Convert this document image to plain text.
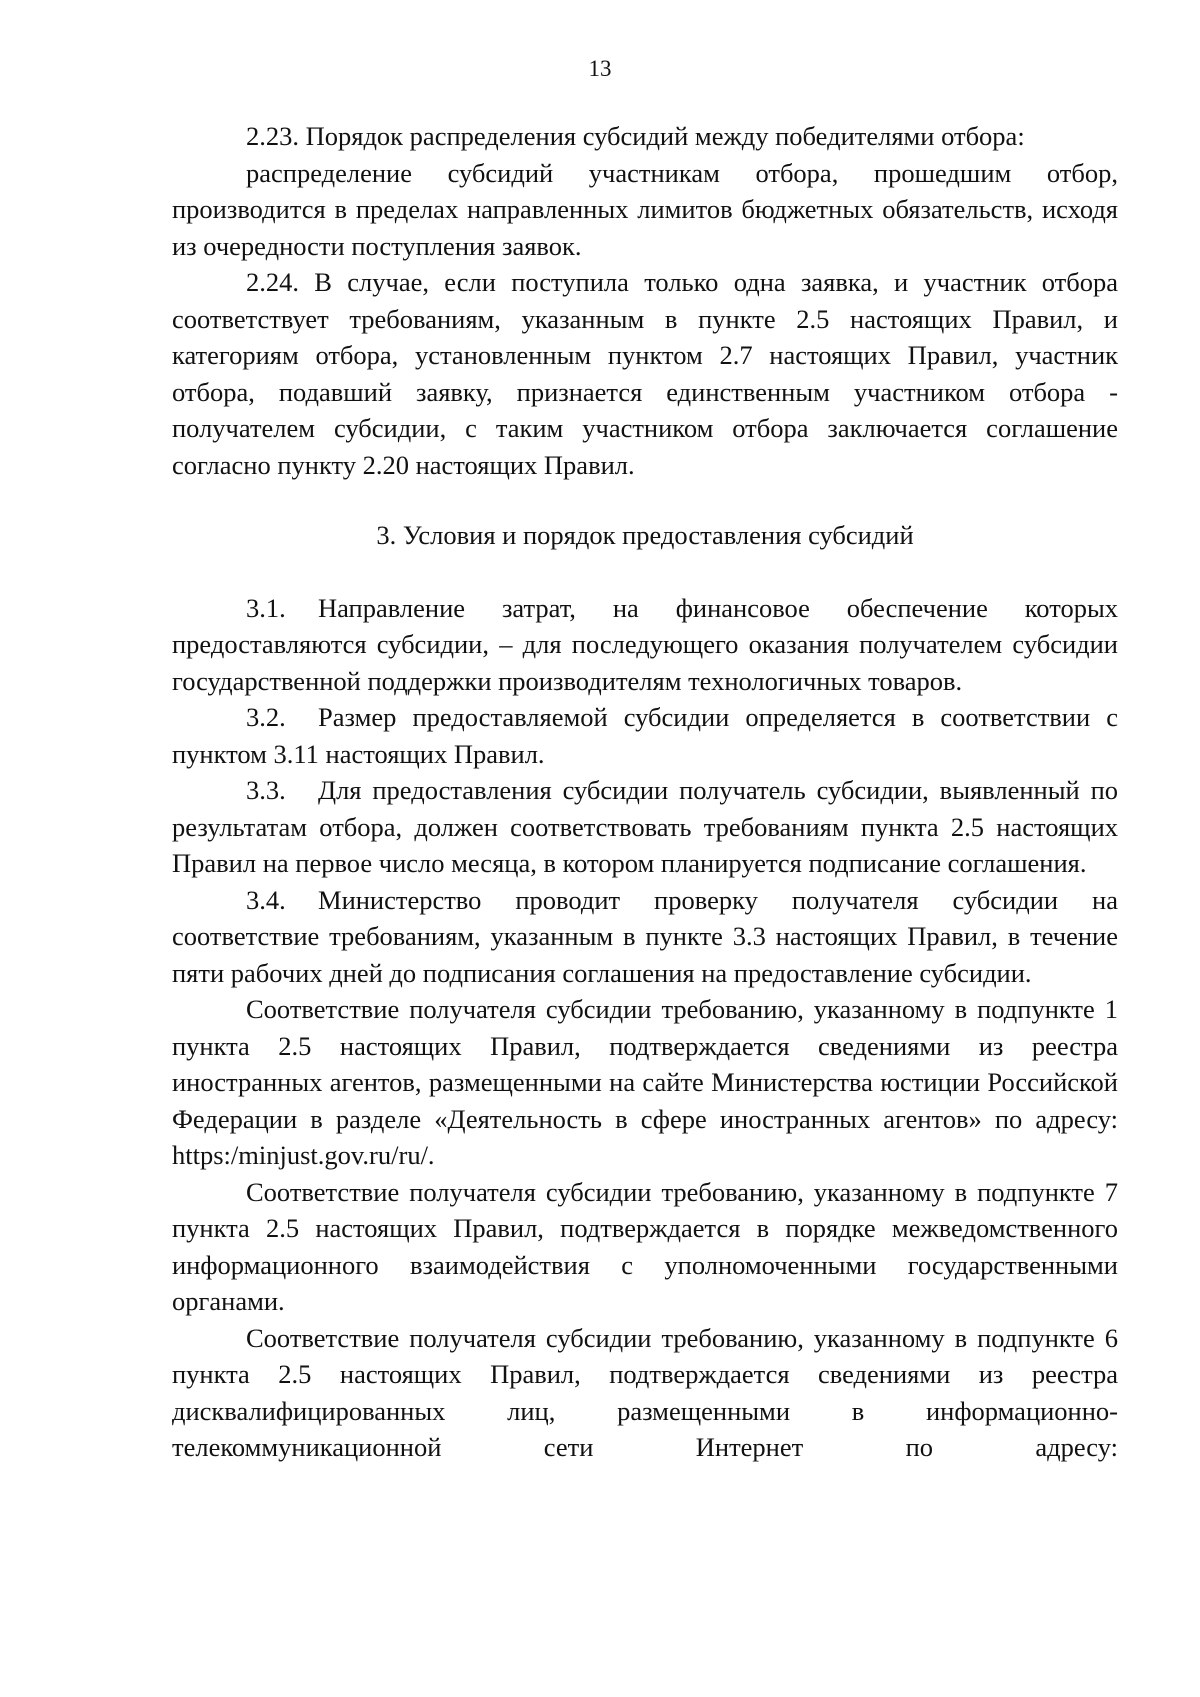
13

2.23. Порядок распределения субсидий между победителями отбора:

распределение субсидий участникам отбора, прошедшим отбор, производится в пределах направленных лимитов бюджетных обязательств, исходя из очередности поступления заявок.

2.24. В случае, если поступила только одна заявка, и участник отбора соответствует требованиям, указанным в пункте 2.5 настоящих Правил, и категориям отбора, установленным пунктом 2.7 настоящих Правил, участник отбора, подавший заявку, признается единственным участником отбора - получателем субсидии, с таким участником отбора заключается соглашение согласно пункту 2.20 настоящих Правил.

3. Условия и порядок предоставления субсидий

3.1. Направление затрат, на финансовое обеспечение которых предоставляются субсидии, – для последующего оказания получателем субсидии государственной поддержки производителям технологичных товаров.

3.2. Размер предоставляемой субсидии определяется в соответствии с пунктом 3.11 настоящих Правил.

3.3. Для предоставления субсидии получатель субсидии, выявленный по результатам отбора, должен соответствовать требованиям пункта 2.5 настоящих Правил на первое число месяца, в котором планируется подписание соглашения.

3.4. Министерство проводит проверку получателя субсидии на соответствие требованиям, указанным в пункте 3.3 настоящих Правил, в течение пяти рабочих дней до подписания соглашения на предоставление субсидии.

Соответствие получателя субсидии требованию, указанному в подпункте 1 пункта 2.5 настоящих Правил, подтверждается сведениями из реестра иностранных агентов, размещенными на сайте Министерства юстиции Российской Федерации в разделе «Деятельность в сфере иностранных агентов» по адресу: https:/minjust.gov.ru/ru/.

Соответствие получателя субсидии требованию, указанному в подпункте 7 пункта 2.5 настоящих Правил, подтверждается в порядке межведомственного информационного взаимодействия с уполномоченными государственными органами.

Соответствие получателя субсидии требованию, указанному в подпункте 6 пункта 2.5 настоящих Правил, подтверждается сведениями из реестра дисквалифицированных лиц, размещенными в информационно-телекоммуникационной сети Интернет по адресу:
